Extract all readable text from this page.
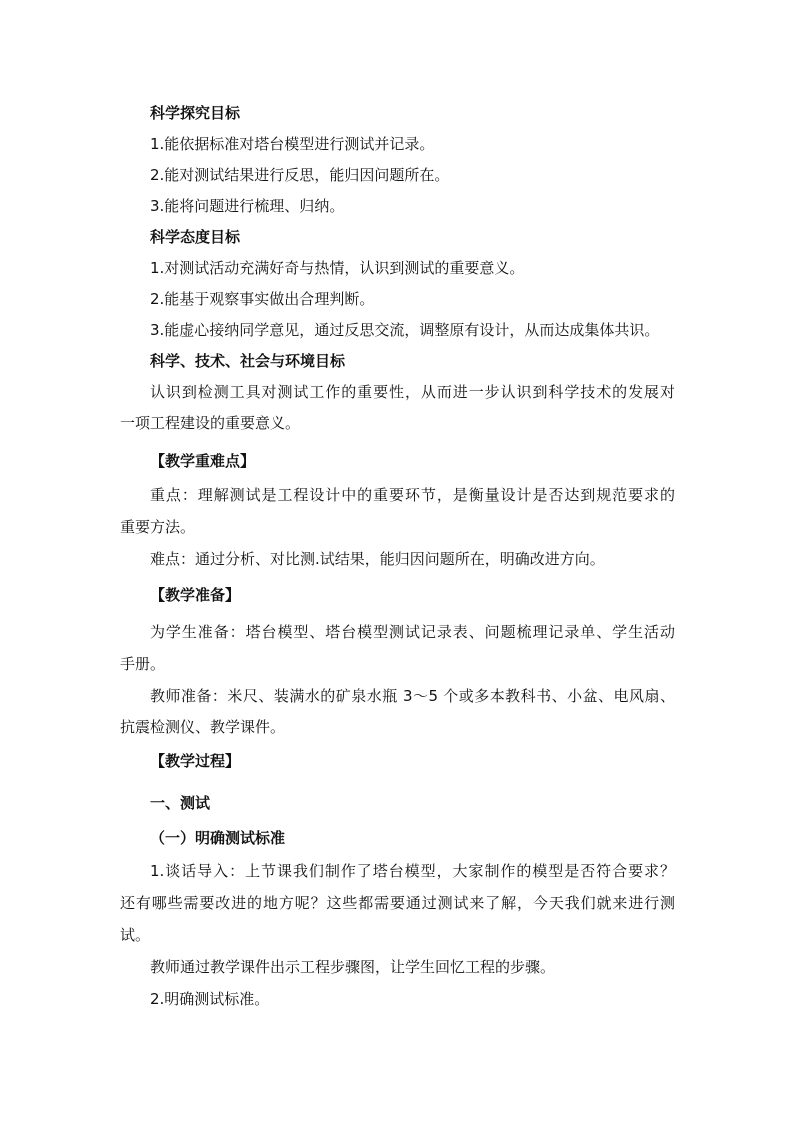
科学探究目标
1.能依据标准对塔台模型进行测试并记录。
2.能对测试结果进行反思，能归因问题所在。
3.能将问题进行梳理、归纳。
科学态度目标
1.对测试活动充满好奇与热情，认识到测试的重要意义。
2.能基于观察事实做出合理判断。
3.能虚心接纳同学意见，通过反思交流，调整原有设计，从而达成集体共识。
科学、技术、社会与环境目标
认识到检测工具对测试工作的重要性，从而进一步认识到科学技术的发展对
一项工程建设的重要意义。
【教学重难点】
重点：理解测试是工程设计中的重要环节，是衡量设计是否达到规范要求的
重要方法。
难点：通过分析、对比测.试结果，能归因问题所在，明确改进方向。
【教学准备】
为学生准备：塔台模型、塔台模型测试记录表、问题梳理记录单、学生活动
手册。
教师准备：米尺、装满水的矿泉水瓶 3～5 个或多本教科书、小盆、电风扇、
抗震检测仪、教学课件。
【教学过程】
一、测试
（一）明确测试标准
1.谈话导入：上节课我们制作了塔台模型，大家制作的模型是否符合要求？
还有哪些需要改进的地方呢？这些都需要通过测试来了解，今天我们就来进行测
试。
教师通过教学课件出示工程步骤图，让学生回忆工程的步骤。
2.明确测试标准。
